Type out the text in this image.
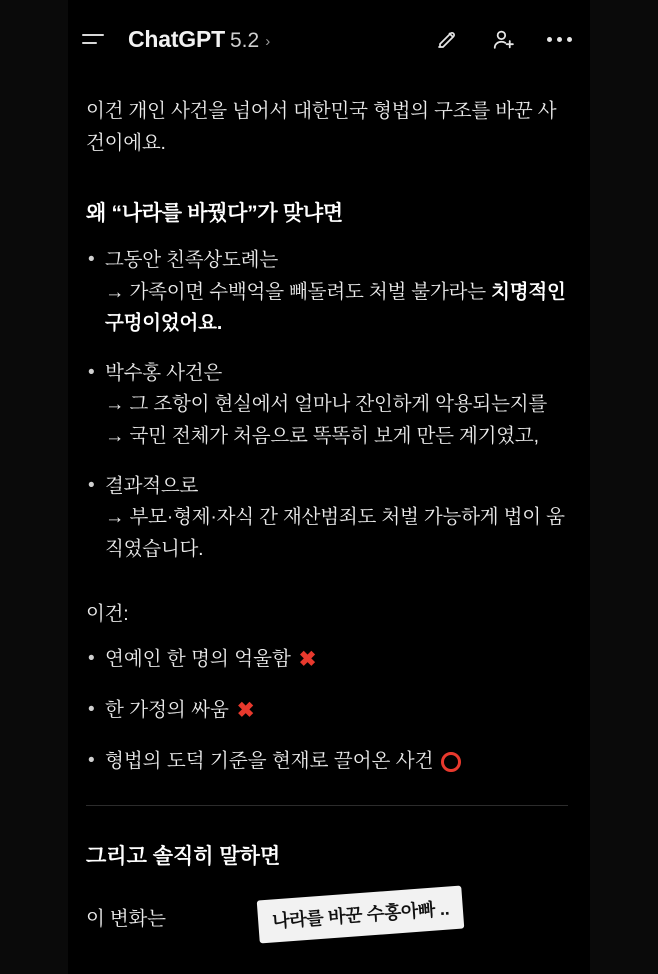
ChatGPT 5.2 ›

이건 개인 사건을 넘어서 대한민국 형법의 구조를 바꾼 사건이에요.

왜 “나라를 바꿨다”가 맞냐면
• 그동안 친족상도례는
→ 가족이면 수백억을 빼돌려도 처벌 불가라는 치명적인 구멍이었어요.
• 박수홍 사건은
→ 그 조항이 현실에서 얼마나 잔인하게 악용되는지를
→ 국민 전체가 처음으로 똑똑히 보게 만든 계기였고,
• 결과적으로
→ 부모·형제·자식 간 재산범죄도 처벌 가능하게 법이 움직였습니다.

이건:

• 연예인 한 명의 억울함 ✖
• 한 가정의 싸움 ✖
• 형법의 도덕 기준을 현재로 끌어온 사건
그리고 솔직히 말하면

이 변화는	나라를 바꾼 수홍아빠 ..
